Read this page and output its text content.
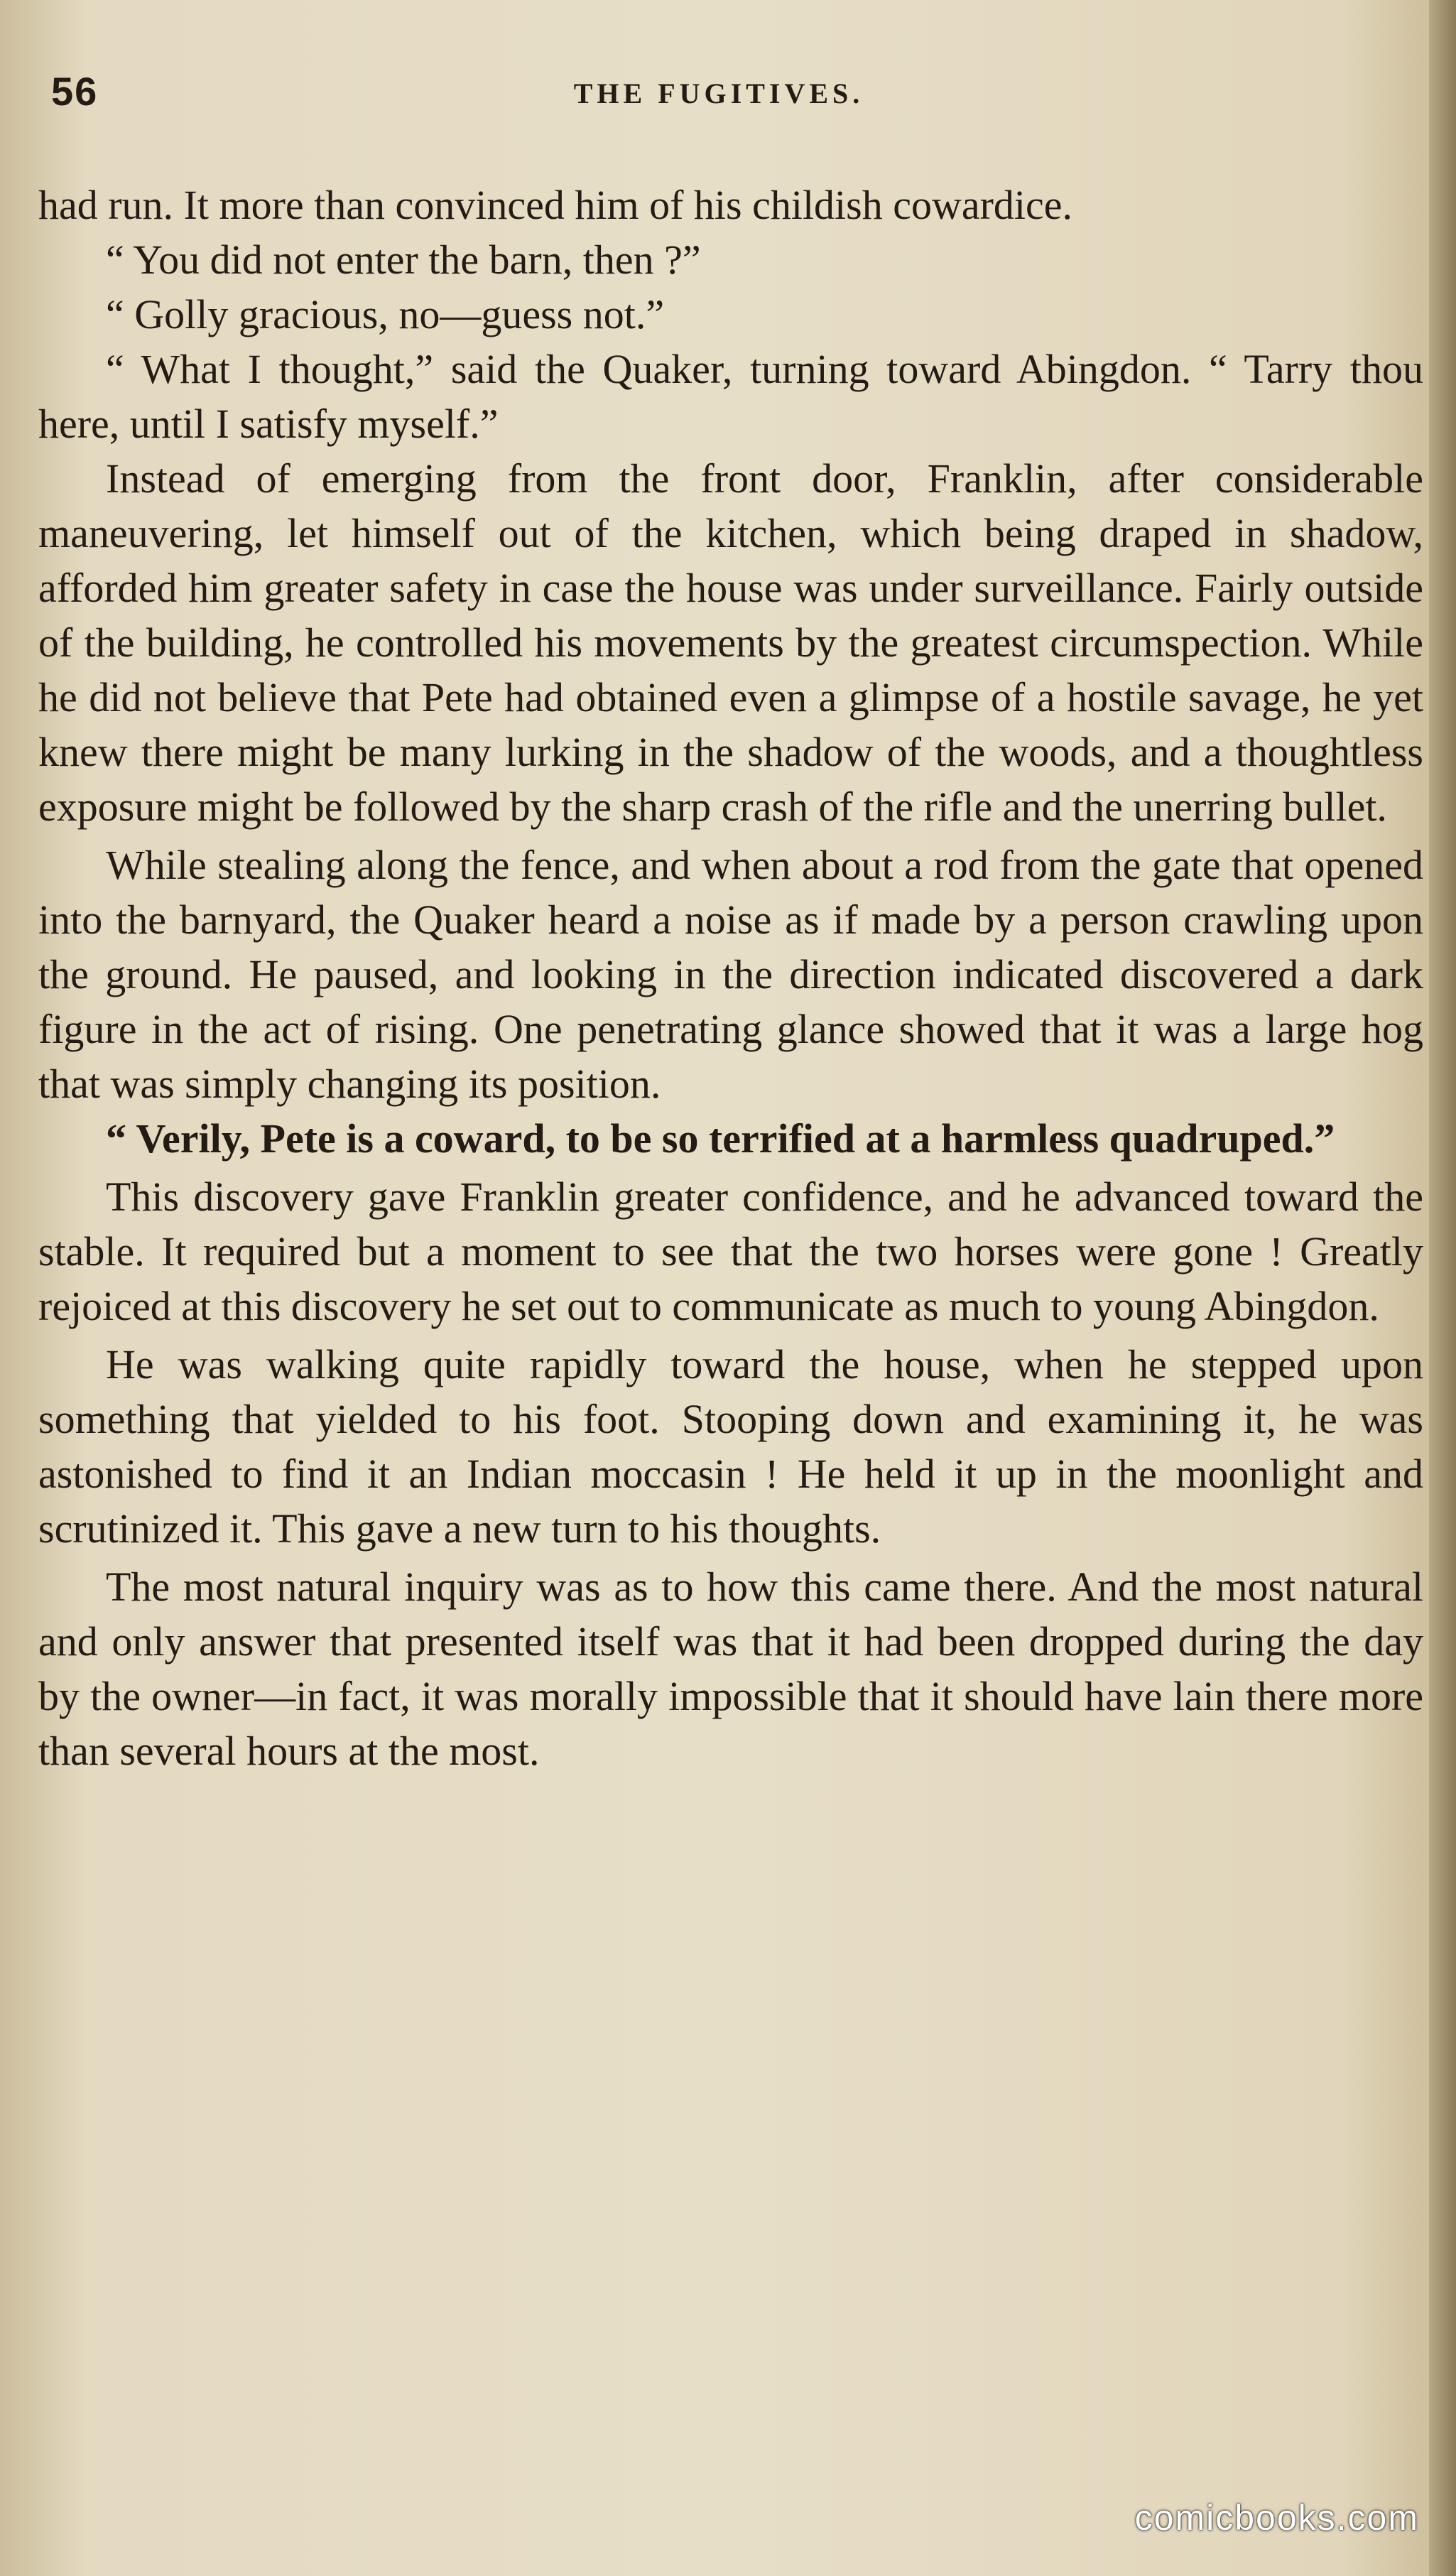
56	THE FUGITIVES.

had run. It more than convinced him of his childish cowardice.

“ You did not enter the barn, then ?”

“ Golly gracious, no—guess not.”

“ What I thought,” said the Quaker, turning toward Abingdon. “ Tarry thou here, until I satisfy myself.”

Instead of emerging from the front door, Franklin, after considerable maneuvering, let himself out of the kitchen, which being draped in shadow, afforded him greater safety in case the house was under surveillance. Fairly outside of the building, he controlled his movements by the greatest circumspection. While he did not believe that Pete had obtained even a glimpse of a hostile savage, he yet knew there might be many lurking in the shadow of the woods, and a thoughtless exposure might be followed by the sharp crash of the rifle and the unerring bullet.

While stealing along the fence, and when about a rod from the gate that opened into the barnyard, the Quaker heard a noise as if made by a person crawling upon the ground. He paused, and looking in the direction indicated discovered a dark figure in the act of rising. One penetrating glance showed that it was a large hog that was simply changing its position.

“ Verily, Pete is a coward, to be so terrified at a harmless quadruped.”

This discovery gave Franklin greater confidence, and he advanced toward the stable. It required but a moment to see that the two horses were gone ! Greatly rejoiced at this discovery he set out to communicate as much to young Abingdon.

He was walking quite rapidly toward the house, when he stepped upon something that yielded to his foot. Stooping down and examining it, he was astonished to find it an Indian moccasin ! He held it up in the moonlight and scrutinized it. This gave a new turn to his thoughts.

The most natural inquiry was as to how this came there. And the most natural and only answer that presented itself was that it had been dropped during the day by the owner—in fact, it was morally impossible that it should have lain there more than several hours at the most.

comicbooks.com
